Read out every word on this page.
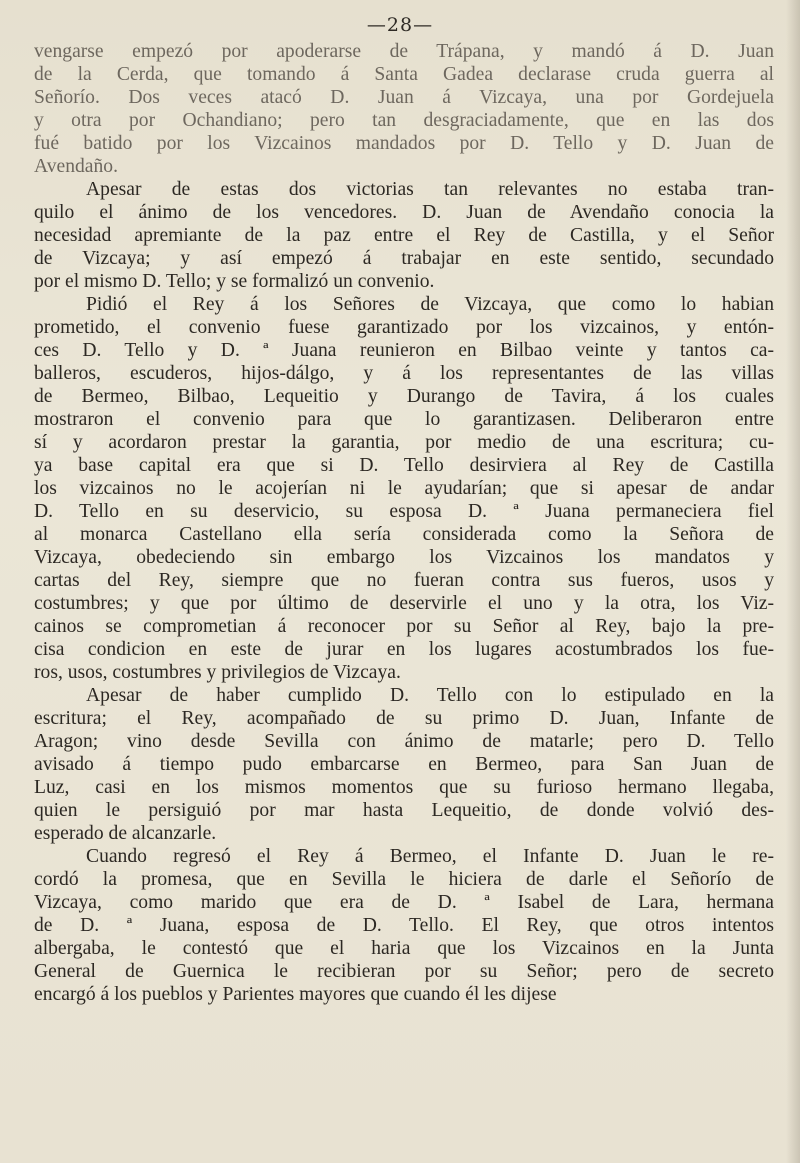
—28—
vengarse empezó por apoderarse de Trápana, y mandó á D. Juan
de la Cerda, que tomando á Santa Gadea declarase cruda guerra al
Señorío. Dos veces atacó D. Juan á Vizcaya, una por Gordejuela
y otra por Ochandiano; pero tan desgraciadamente, que en las dos
fué batido por los Vizcainos mandados por D. Tello y D. Juan de
Avendaño.
Apesar de estas dos victorias tan relevantes no estaba tran-
quilo el ánimo de los vencedores. D. Juan de Avendaño conocia la
necesidad apremiante de la paz entre el Rey de Castilla, y el Señor
de Vizcaya; y así empezó á trabajar en este sentido, secundado
por el mismo D. Tello; y se formalizó un convenio.
Pidió el Rey á los Señores de Vizcaya, que como lo habian
prometido, el convenio fuese garantizado por los vizcainos, y entón-
ces D. Tello y D. ª Juana reunieron en Bilbao veinte y tantos ca-
balleros, escuderos, hijos-dálgo, y á los representantes de las villas
de Bermeo, Bilbao, Lequeitio y Durango de Tavira, á los cuales
mostraron el convenio para que lo garantizasen. Deliberaron entre
sí y acordaron prestar la garantia, por medio de una escritura; cu-
ya base capital era que si D. Tello desirviera al Rey de Castilla
los vizcainos no le acojerían ni le ayudarían; que si apesar de andar
D. Tello en su deservicio, su esposa D. ª Juana permaneciera fiel
al monarca Castellano ella sería considerada como la Señora de
Vizcaya, obedeciendo sin embargo los Vizcainos los mandatos y
cartas del Rey, siempre que no fueran contra sus fueros, usos y
costumbres; y que por último de deservirle el uno y la otra, los Viz-
cainos se comprometian á reconocer por su Señor al Rey, bajo la pre-
cisa condicion en este de jurar en los lugares acostumbrados los fue-
ros, usos, costumbres y privilegios de Vizcaya.
Apesar de haber cumplido D. Tello con lo estipulado en la
escritura; el Rey, acompañado de su primo D. Juan, Infante de
Aragon; vino desde Sevilla con ánimo de matarle; pero D. Tello
avisado á tiempo pudo embarcarse en Bermeo, para San Juan de
Luz, casi en los mismos momentos que su furioso hermano llegaba,
quien le persiguió por mar hasta Lequeitio, de donde volvió des-
esperado de alcanzarle.
Cuando regresó el Rey á Bermeo, el Infante D. Juan le re-
cordó la promesa, que en Sevilla le hiciera de darle el Señorío de
Vizcaya, como marido que era de D. ª Isabel de Lara, hermana
de D. ª Juana, esposa de D. Tello. El Rey, que otros intentos
albergaba, le contestó que el haria que los Vizcainos en la Junta
General de Guernica le recibieran por su Señor; pero de secreto
encargó á los pueblos y Parientes mayores que cuando él les dijese
